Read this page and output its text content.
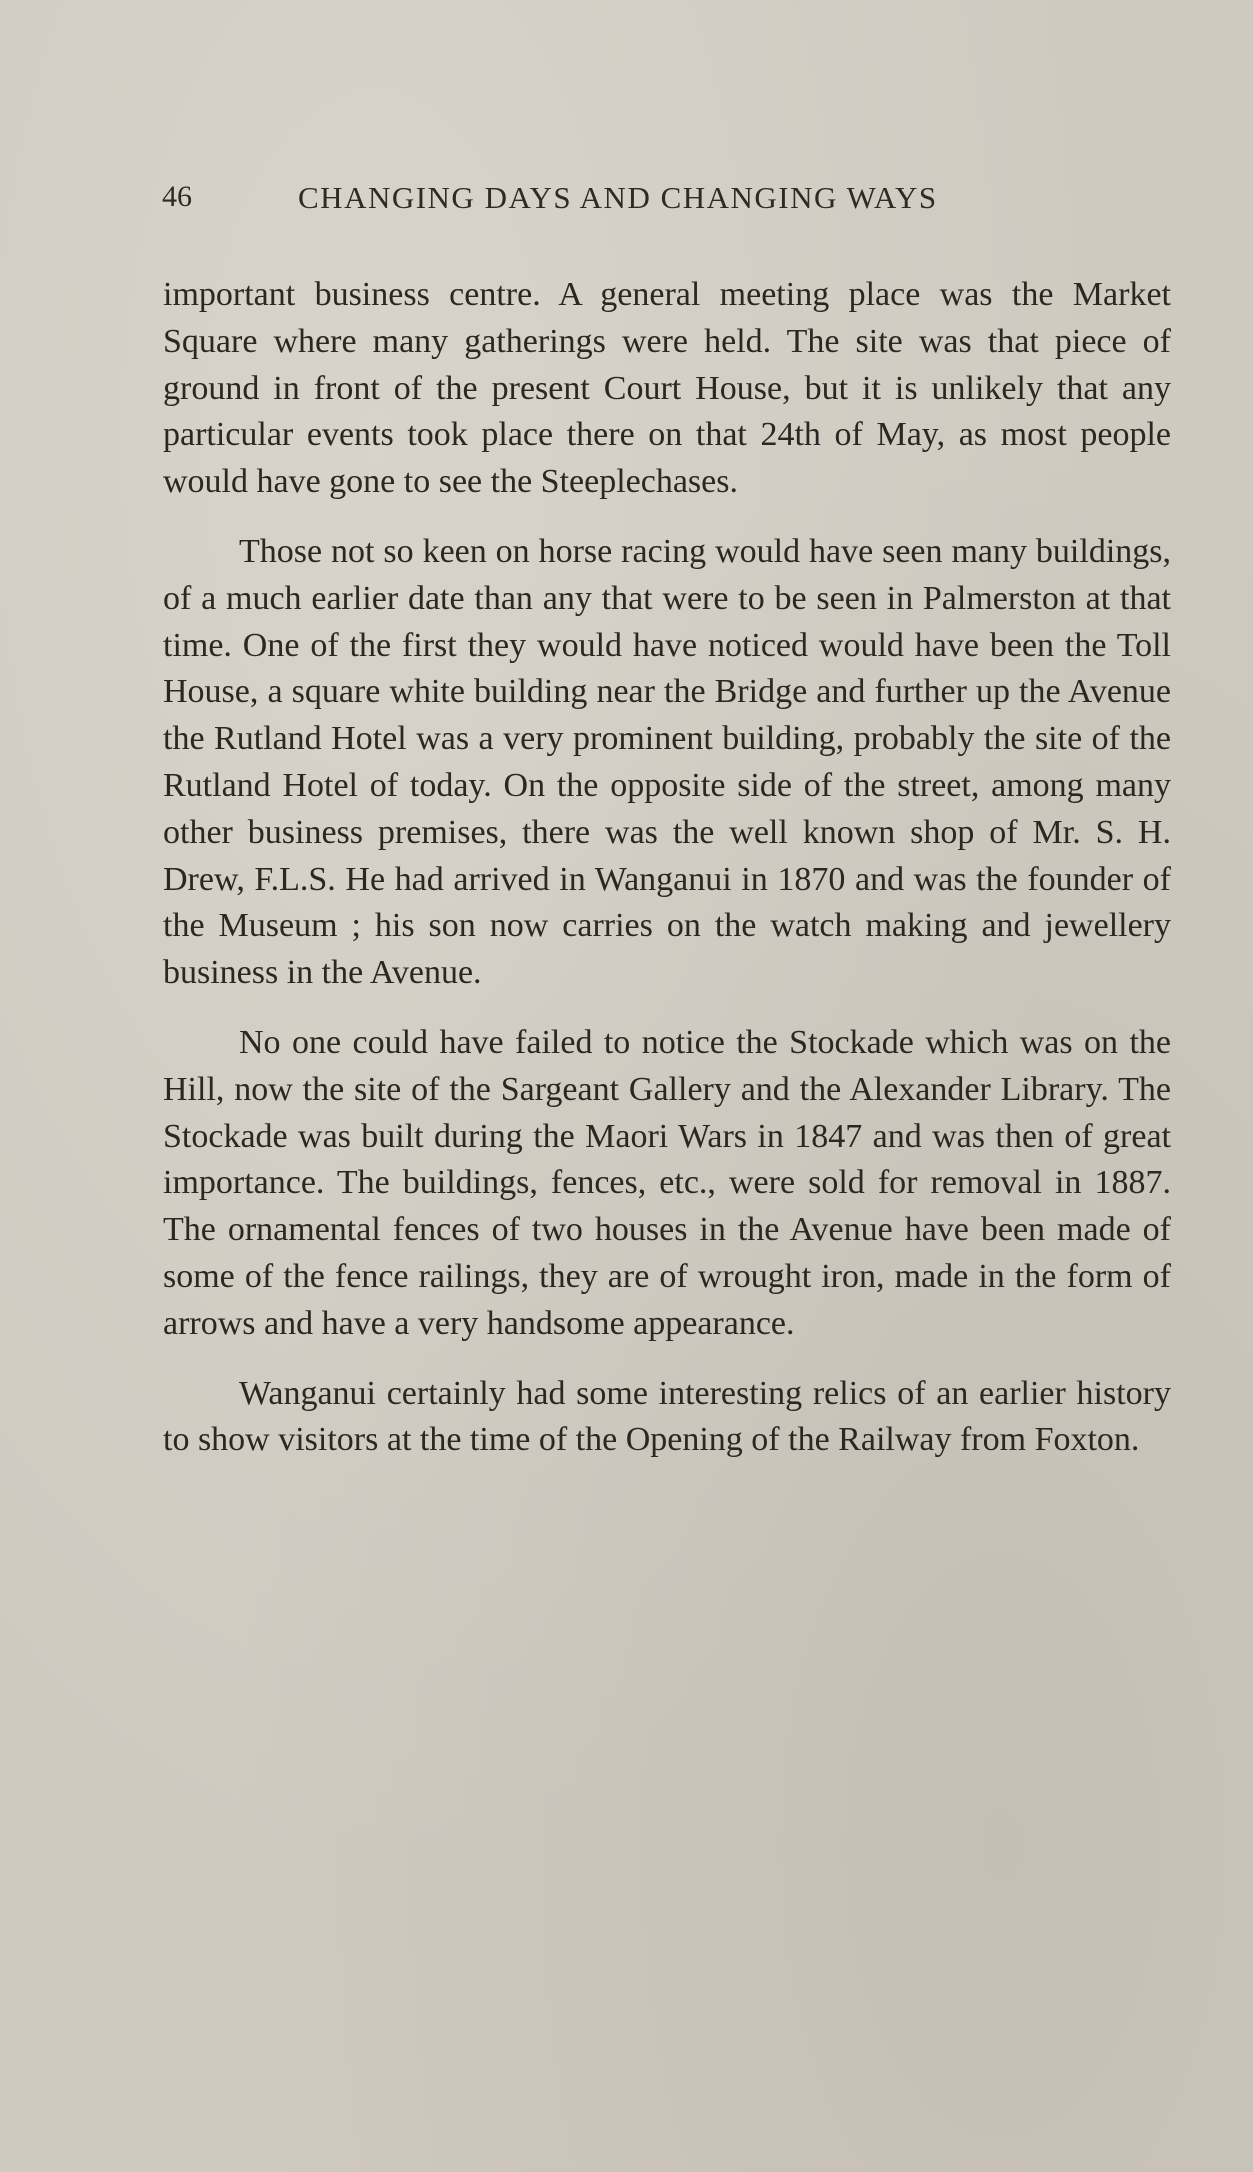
46	CHANGING DAYS AND CHANGING WAYS

important business centre. A general meeting place was the Market Square where many gatherings were held. The site was that piece of ground in front of the present Court House, but it is unlikely that any particular events took place there on that 24th of May, as most people would have gone to see the Steeplechases.

Those not so keen on horse racing would have seen many buildings, of a much earlier date than any that were to be seen in Palmerston at that time. One of the first they would have noticed would have been the Toll House, a square white building near the Bridge and further up the Avenue the Rutland Hotel was a very prominent building, probably the site of the Rutland Hotel of today. On the opposite side of the street, among many other business premises, there was the well known shop of Mr. S. H. Drew, F.L.S. He had arrived in Wanganui in 1870 and was the founder of the Museum ; his son now carries on the watch making and jewellery business in the Avenue.

No one could have failed to notice the Stockade which was on the Hill, now the site of the Sargeant Gallery and the Alexander Library. The Stockade was built during the Maori Wars in 1847 and was then of great importance. The buildings, fences, etc., were sold for removal in 1887. The ornamental fences of two houses in the Avenue have been made of some of the fence railings, they are of wrought iron, made in the form of arrows and have a very handsome appearance.

Wanganui certainly had some interesting relics of an earlier history to show visitors at the time of the Opening of the Railway from Foxton.
